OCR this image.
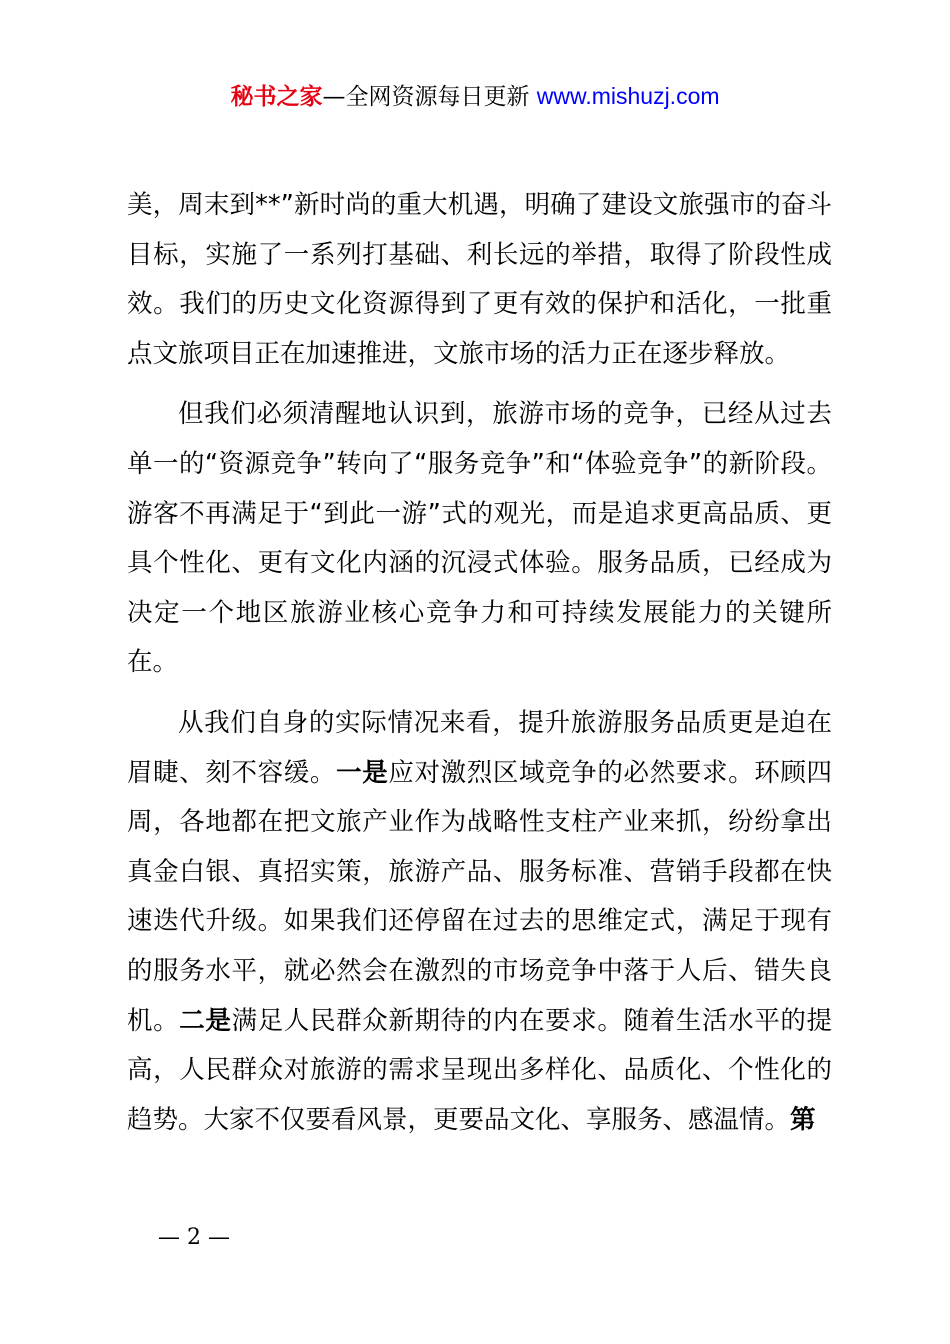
秘书之家—全网资源每日更新 www.mishuzj.com

美，周末到**”新时尚的重大机遇，明确了建设文旅强市的奋斗目标，实施了一系列打基础、利长远的举措，取得了阶段性成效。我们的历史文化资源得到了更有效的保护和活化，一批重点文旅项目正在加速推进，文旅市场的活力正在逐步释放。

但我们必须清醒地认识到，旅游市场的竞争，已经从过去单一的“资源竞争”转向了“服务竞争”和“体验竞争”的新阶段。游客不再满足于“到此一游”式的观光，而是追求更高品质、更具个性化、更有文化内涵的沉浸式体验。服务品质，已经成为决定一个地区旅游业核心竞争力和可持续发展能力的关键所在。

从我们自身的实际情况来看，提升旅游服务品质更是迫在眉睫、刻不容缓。一是应对激烈区域竞争的必然要求。环顾四周，各地都在把文旅产业作为战略性支柱产业来抓，纷纷拿出真金白银、真招实策，旅游产品、服务标准、营销手段都在快速迭代升级。如果我们还停留在过去的思维定式，满足于现有的服务水平，就必然会在激烈的市场竞争中落于人后、错失良机。二是满足人民群众新期待的内在要求。随着生活水平的提高，人民群众对旅游的需求呈现出多样化、品质化、个性化的趋势。大家不仅要看风景，更要品文化、享服务、感温情。第

— 2 —
